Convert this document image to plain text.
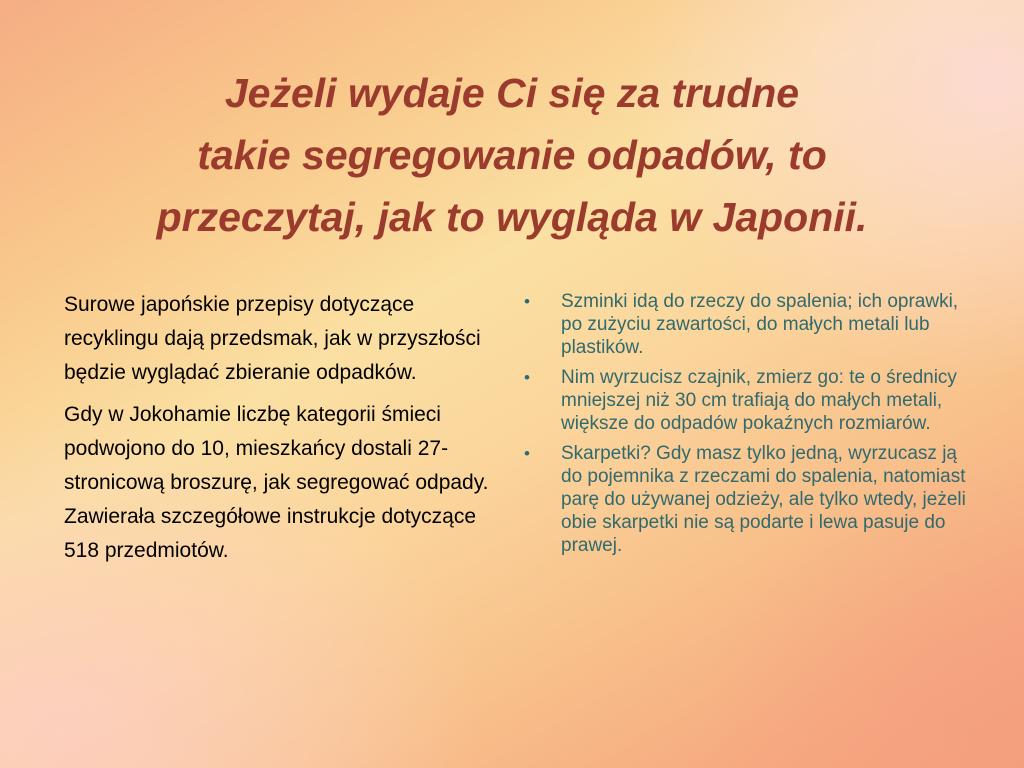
Jeżeli wydaje Ci się za trudne
takie segregowanie odpadów, to
przeczytaj, jak to wygląda w Japonii.

Surowe japońskie przepisy dotyczące recyklingu dają przedsmak, jak w przyszłości będzie wyglądać zbieranie odpadków.

Gdy w Jokohamie liczbę kategorii śmieci podwojono do 10, mieszkańcy dostali 27-stronicową broszurę, jak segregować odpady. Zawierała szczegółowe instrukcje dotyczące 518 przedmiotów.

• Szminki idą do rzeczy do spalenia; ich oprawki, po zużyciu zawartości, do małych metali lub plastików.
• Nim wyrzucisz czajnik, zmierz go: te o średnicy mniejszej niż 30 cm trafiają do małych metali, większe do odpadów pokaźnych rozmiarów.
• Skarpetki? Gdy masz tylko jedną, wyrzucasz ją do pojemnika z rzeczami do spalenia, natomiast parę do używanej odzieży, ale tylko wtedy, jeżeli obie skarpetki nie są podarte i lewa pasuje do prawej.
